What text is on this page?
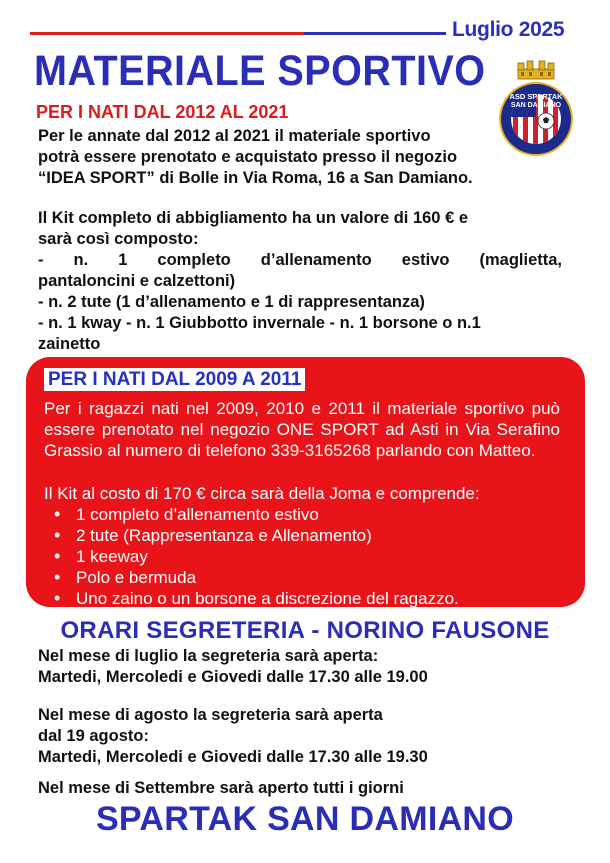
Luglio 2025
MATERIALE SPORTIVO
PER I NATI DAL 2012 AL 2021
ASD SPARTAK
SAN DAMIANO
Per le annate dal 2012 al 2021 il materiale sportivo
potrà essere prenotato e acquistato presso il negozio
“IDEA SPORT” di Bolle in Via Roma, 16 a San Damiano.
Il Kit completo di abbigliamento ha un valore di 160 € e
sarà così composto:
- n. 1 completo d’allenamento estivo (maglietta,
pantaloncini e calzettoni)
- n. 2 tute (1 d’allenamento e 1 di rappresentanza)
- n. 1 kway - n. 1 Giubbotto invernale - n. 1 borsone o n.1
zainetto
PER I NATI DAL 2009 A 2011
Per i ragazzi nati nel 2009, 2010 e 2011 il materiale sportivo può
essere prenotato nel negozio ONE SPORT ad Asti in Via Serafino
Grassio al numero di telefono 339-3165268 parlando con Matteo.
Il Kit al costo di 170 € circa sarà della Joma e comprende:
• 1 completo d’allenamento estivo
• 2 tute (Rappresentanza e Allenamento)
• 1 keeway
• Polo e bermuda
• Uno zaino o un borsone a discrezione del ragazzo.
ORARI SEGRETERIA - NORINO FAUSONE
Nel mese di luglio la segreteria sarà aperta:
Martedi, Mercoledi e Giovedi dalle 17.30 alle 19.00
Nel mese di agosto la segreteria sarà aperta
dal 19 agosto:
Martedi, Mercoledi e Giovedi dalle 17.30 alle 19.30
Nel mese di Settembre sarà aperto tutti i giorni
SPARTAK SAN DAMIANO
